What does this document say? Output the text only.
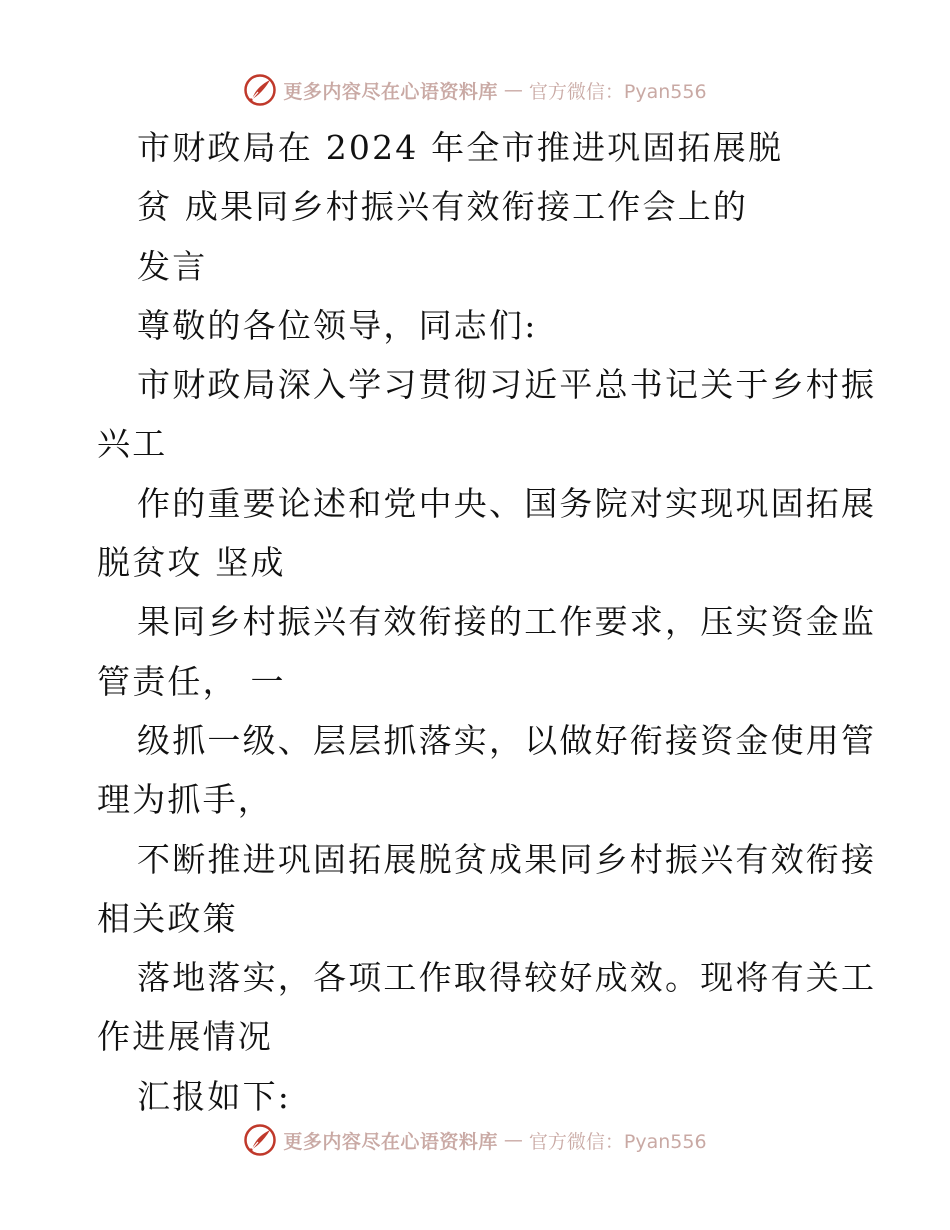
更多内容尽在心语资料库 — 官方微信：Pyan556
市财政局在 2024 年全市推进巩固拓展脱
贫 成果同乡村振兴有效衔接工作会上的
发言
尊敬的各位领导，同志们:
市财政局深入学习贯彻习近平总书记关于乡村振
兴工
作的重要论述和党中央、国务院对实现巩固拓展
脱贫攻 坚成
果同乡村振兴有效衔接的工作要求，压实资金监
管责任， 一
级抓一级、层层抓落实，以做好衔接资金使用管
理为抓手，
不断推进巩固拓展脱贫成果同乡村振兴有效衔接
相关政策
落地落实，各项工作取得较好成效。现将有关工
作进展情况
汇报如下:
更多内容尽在心语资料库 — 官方微信：Pyan556
